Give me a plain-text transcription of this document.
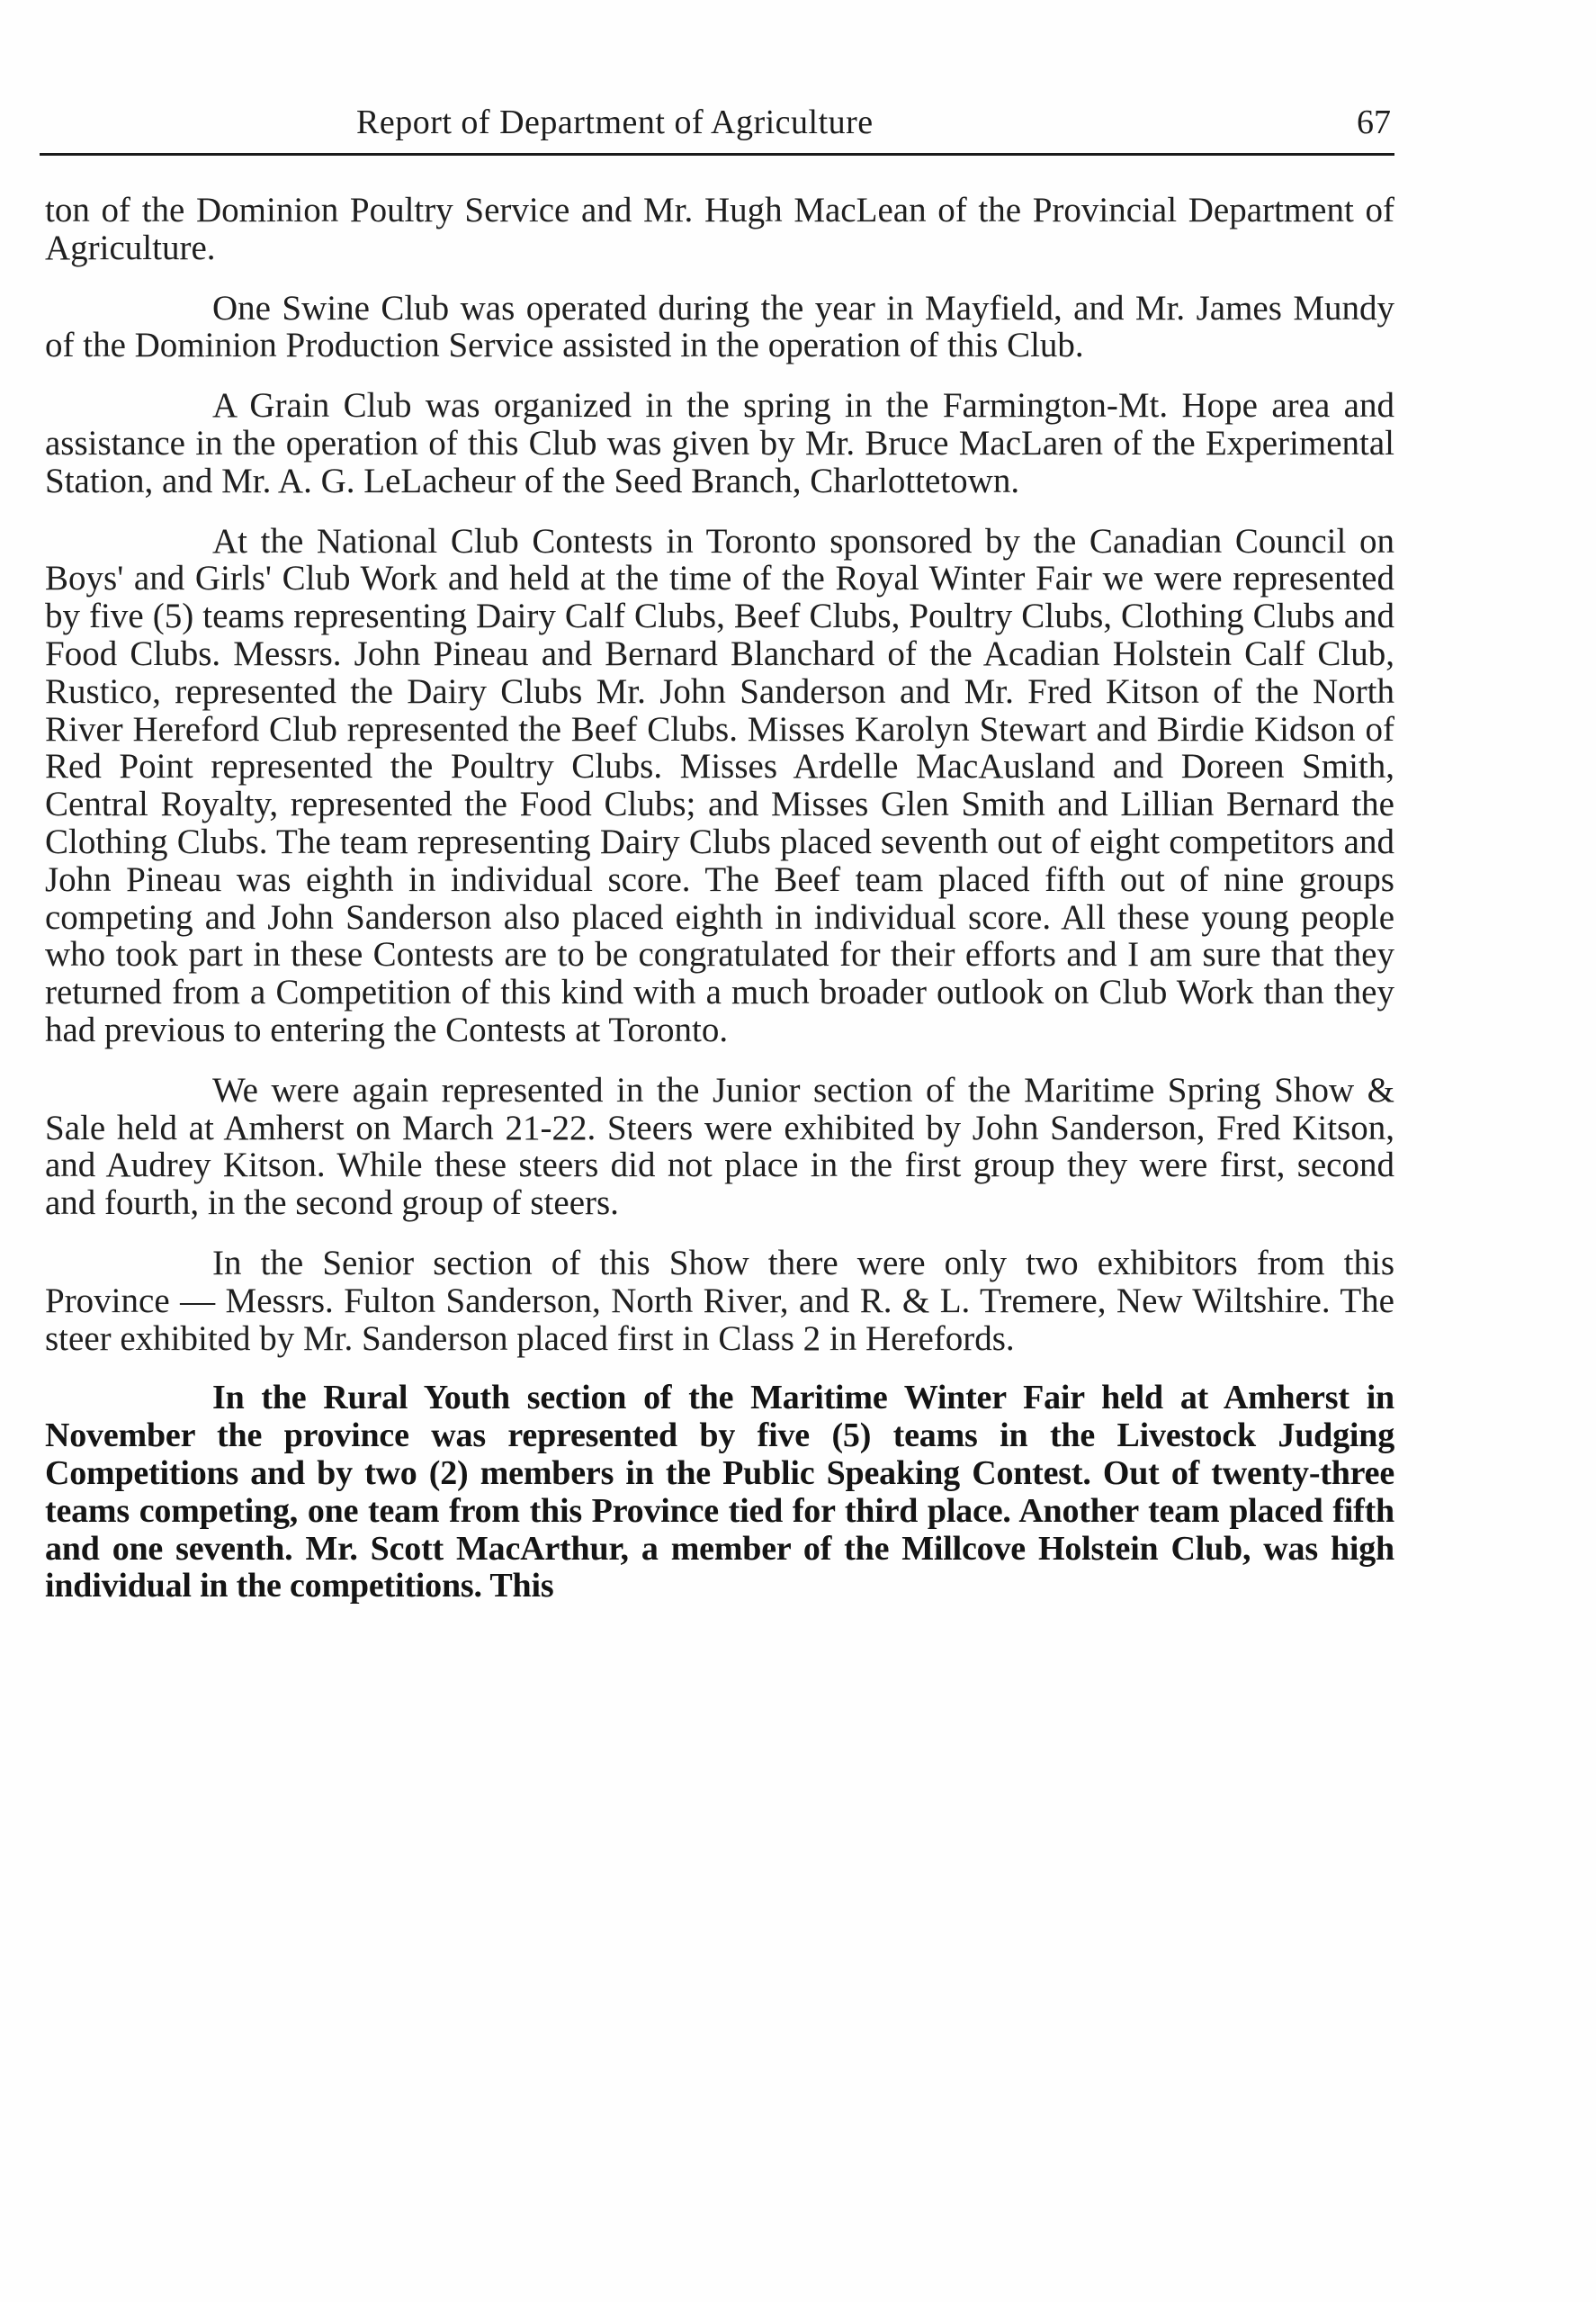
Report of Department of Agriculture	67

ton of the Dominion Poultry Service and Mr. Hugh MacLean of the Provincial Department of Agriculture.

One Swine Club was operated during the year in Mayfield, and Mr. James Mundy of the Dominion Production Service assisted in the operation of this Club.

A Grain Club was organized in the spring in the Farmington-Mt. Hope area and assistance in the operation of this Club was given by Mr. Bruce MacLaren of the Experimental Station, and Mr. A. G. LeLacheur of the Seed Branch, Charlottetown.

At the National Club Contests in Toronto sponsored by the Canadian Council on Boys' and Girls' Club Work and held at the time of the Royal Winter Fair we were represented by five (5) teams representing Dairy Calf Clubs, Beef Clubs, Poultry Clubs, Clothing Clubs and Food Clubs. Messrs. John Pineau and Bernard Blanchard of the Acadian Holstein Calf Club, Rustico, represented the Dairy Clubs Mr. John Sanderson and Mr. Fred Kitson of the North River Hereford Club represented the Beef Clubs. Misses Karolyn Stewart and Birdie Kidson of Red Point represented the Poultry Clubs. Misses Ardelle MacAusland and Doreen Smith, Central Royalty, represented the Food Clubs; and Misses Glen Smith and Lillian Bernard the Clothing Clubs. The team representing Dairy Clubs placed seventh out of eight competitors and John Pineau was eighth in individual score. The Beef team placed fifth out of nine groups competing and John Sanderson also placed eighth in individual score. All these young people who took part in these Contests are to be congratulated for their efforts and I am sure that they returned from a Competition of this kind with a much broader outlook on Club Work than they had previous to entering the Contests at Toronto.

We were again represented in the Junior section of the Maritime Spring Show & Sale held at Amherst on March 21-22. Steers were exhibited by John Sanderson, Fred Kitson, and Audrey Kitson. While these steers did not place in the first group they were first, second and fourth, in the second group of steers.

In the Senior section of this Show there were only two exhibitors from this Province — Messrs. Fulton Sanderson, North River, and R. & L. Tremere, New Wiltshire. The steer exhibited by Mr. Sanderson placed first in Class 2 in Herefords.

In the Rural Youth section of the Maritime Winter Fair held at Amherst in November the province was represented by five (5) teams in the Livestock Judging Competitions and by two (2) members in the Public Speaking Contest. Out of twenty-three teams competing, one team from this Province tied for third place. Another team placed fifth and one seventh. Mr. Scott MacArthur, a member of the Millcove Holstein Club, was high individual in the competitions. This
